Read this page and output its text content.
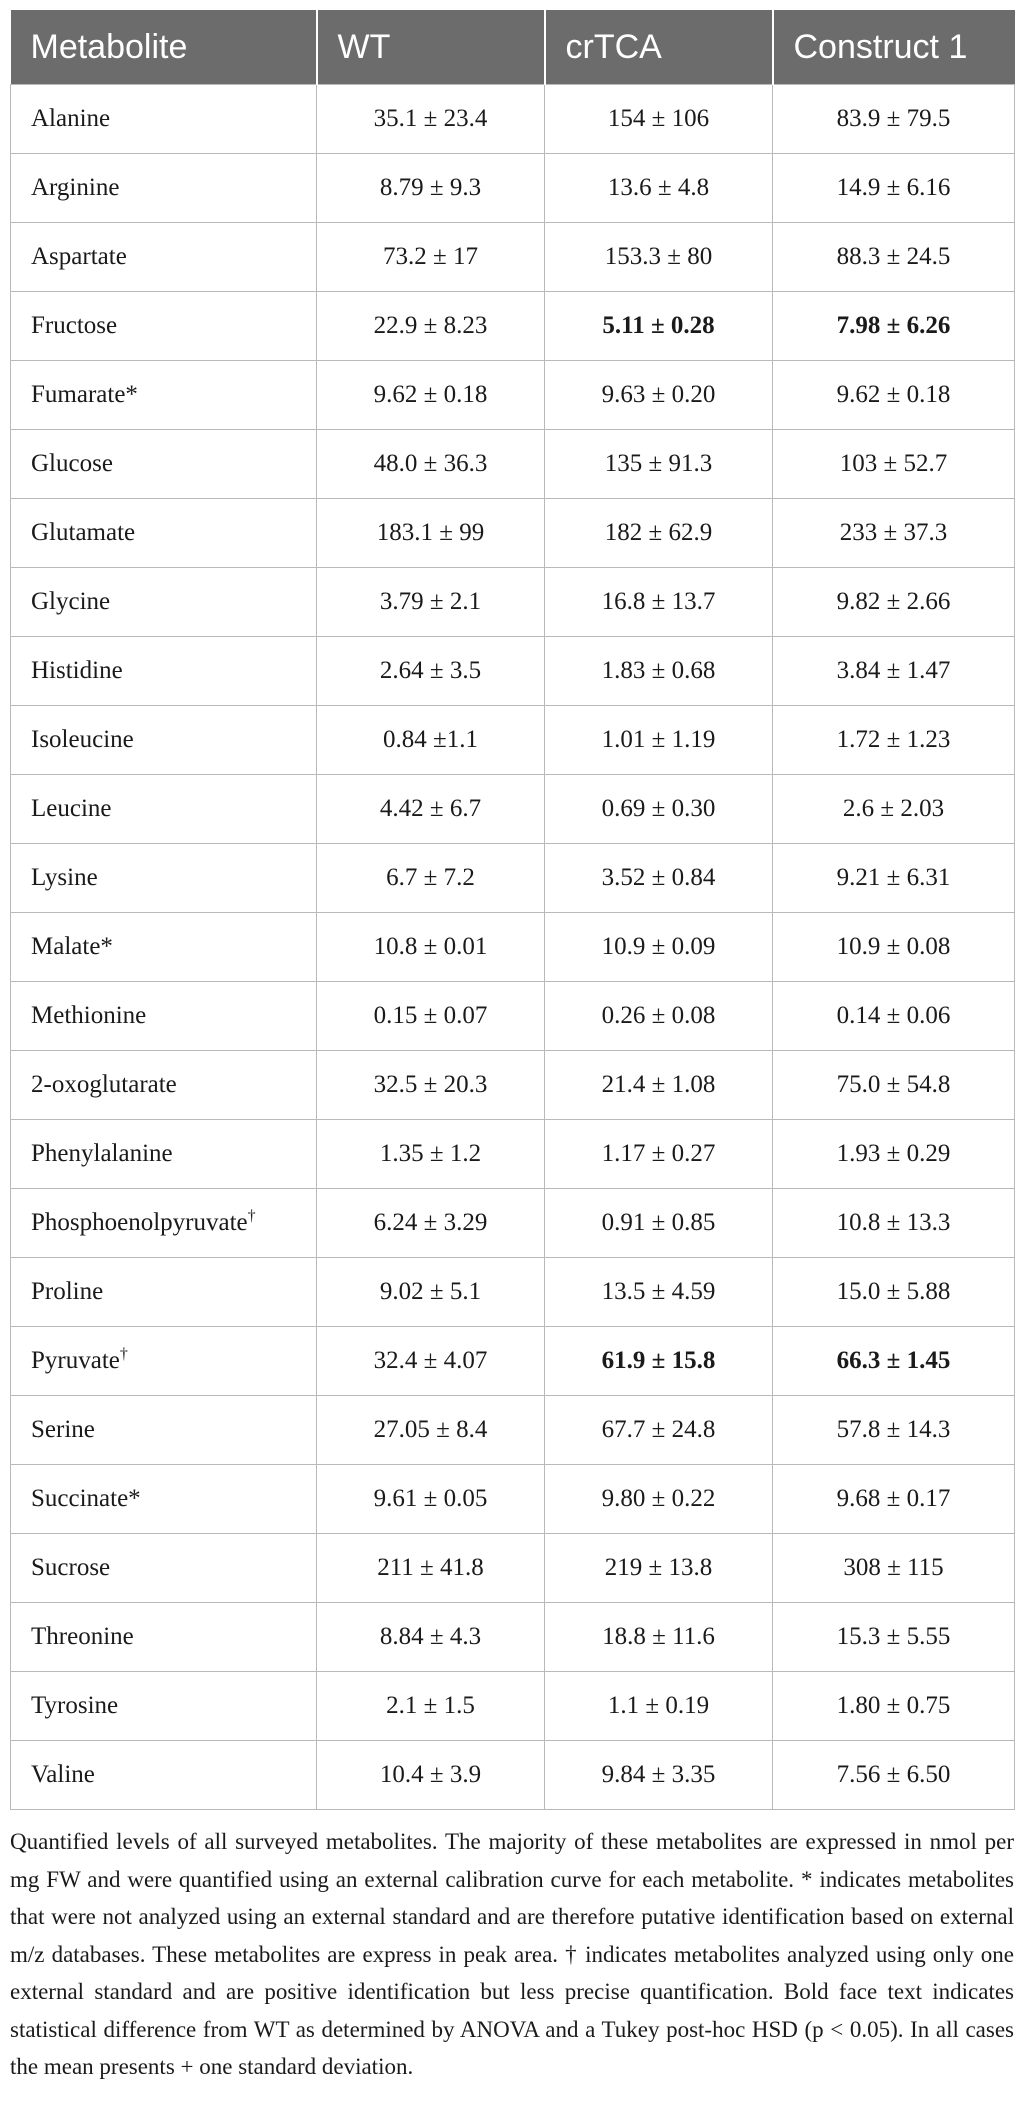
Metabolite	WT	crTCA	Construct 1
Alanine	35.1 ± 23.4	154 ± 106	83.9 ± 79.5
Arginine	8.79 ± 9.3	13.6 ± 4.8	14.9 ± 6.16
Aspartate	73.2 ± 17	153.3 ± 80	88.3 ± 24.5
Fructose	22.9 ± 8.23	5.11 ± 0.28	7.98 ± 6.26
Fumarate*	9.62 ± 0.18	9.63 ± 0.20	9.62 ± 0.18
Glucose	48.0 ± 36.3	135 ± 91.3	103 ± 52.7
Glutamate	183.1 ± 99	182 ± 62.9	233 ± 37.3
Glycine	3.79 ± 2.1	16.8 ± 13.7	9.82 ± 2.66
Histidine	2.64 ± 3.5	1.83 ± 0.68	3.84 ± 1.47
Isoleucine	0.84 ±1.1	1.01 ± 1.19	1.72 ± 1.23
Leucine	4.42 ± 6.7	0.69 ± 0.30	2.6 ± 2.03
Lysine	6.7 ± 7.2	3.52 ± 0.84	9.21 ± 6.31
Malate*	10.8 ± 0.01	10.9 ± 0.09	10.9 ± 0.08
Methionine	0.15 ± 0.07	0.26 ± 0.08	0.14 ± 0.06
2-oxoglutarate	32.5 ± 20.3	21.4 ± 1.08	75.0 ± 54.8
Phenylalanine	1.35 ± 1.2	1.17 ± 0.27	1.93 ± 0.29
Phosphoenolpyruvate†	6.24 ± 3.29	0.91 ± 0.85	10.8 ± 13.3
Proline	9.02 ± 5.1	13.5 ± 4.59	15.0 ± 5.88
Pyruvate†	32.4 ± 4.07	61.9 ± 15.8	66.3 ± 1.45
Serine	27.05 ± 8.4	67.7 ± 24.8	57.8 ± 14.3
Succinate*	9.61 ± 0.05	9.80 ± 0.22	9.68 ± 0.17
Sucrose	211 ± 41.8	219 ± 13.8	308 ± 115
Threonine	8.84 ± 4.3	18.8 ± 11.6	15.3 ± 5.55
Tyrosine	2.1 ± 1.5	1.1 ± 0.19	1.80 ± 0.75
Valine	10.4 ± 3.9	9.84 ± 3.35	7.56 ± 6.50

Quantified levels of all surveyed metabolites. The majority of these metabolites are expressed in nmol per mg FW and were quantified using an external calibration curve for each metabolite. * indicates metabolites that were not analyzed using an external standard and are therefore putative identification based on external m/z databases. These metabolites are express in peak area. † indicates metabolites analyzed using only one external standard and are positive identification but less precise quantification. Bold face text indicates statistical difference from WT as determined by ANOVA and a Tukey post-hoc HSD (p < 0.05). In all cases the mean presents + one standard deviation.
